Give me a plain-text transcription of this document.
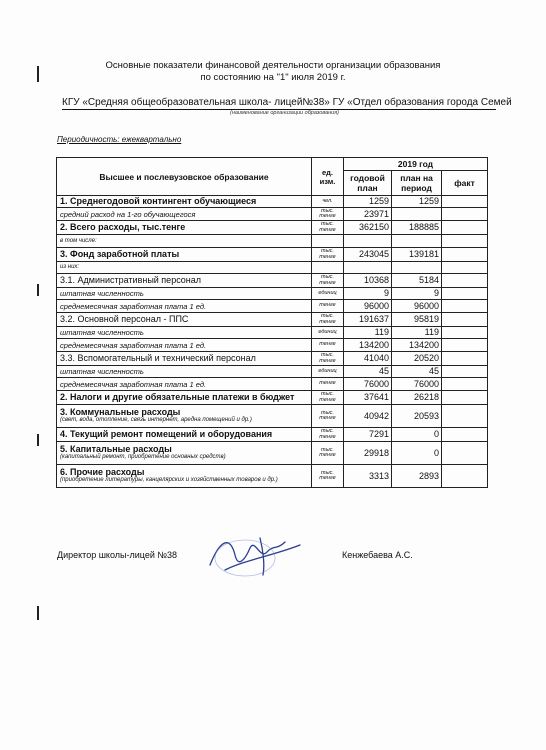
Основные показатели финансовой деятельности организации образования
по состоянию на "1" июля 2019 г.
КГУ «Средняя общеобразовательная школа- лицей№38» ГУ «Отдел образования города Семей
(наименование организации образования)
Периодичность: ежеквартально
Высшее и послевузовское образование	ед. изм.	2019 год		
		годовой план	план на период	факт
1. Среднегодовой контингент обучающиеся	чел.	1259	1259	
средний расход на 1-го обучающегося	тыс. тенге	23971		
2. Всего расходы, тыс.тенге	тыс. тенге	362150	188885	
в том числе:				
3. Фонд заработной платы	тыс. тенге	243045	139181	
из них:				
3.1. Административный персонал	тыс. тенге	10368	5184	
штатная численность	единиц	9	9	
среднемесячная заработная плата 1 ед.	тенге	96000	96000	
3.2. Основной персонал - ППС	тыс. тенге	191637	95819	
штатная численность	единиц	119	119	
среднемесячная заработная плата 1 ед.	тенге	134200	134200	
3.3. Вспомогательный и технический персонал	тыс. тенге	41040	20520	
штатная численность	единиц	45	45	
среднемесячная заработная плата 1 ед.	тенге	76000	76000	
2. Налоги и другие обязательные платежи в бюджет	тыс. тенге	37641	26218	
3. Коммунальные расходы
(свет, вода, отопление, связь интернет, аредна помещений и др.)	тыс. тенге	40942	20593	
4. Текущий ремонт помещений и оборудования	тыс. тенге	7291	0	
5. Капитальные расходы
(капитальный ремонт, приобретение основных средств)	тыс. тенге	29918	0	
6. Прочие расходы
(приобретение литературы, канцелярских и хозяйственных товаров и др.)	тыс. тенге	3313	2893	
Директор школы-лицей №38	Кенжебаева А.С.
